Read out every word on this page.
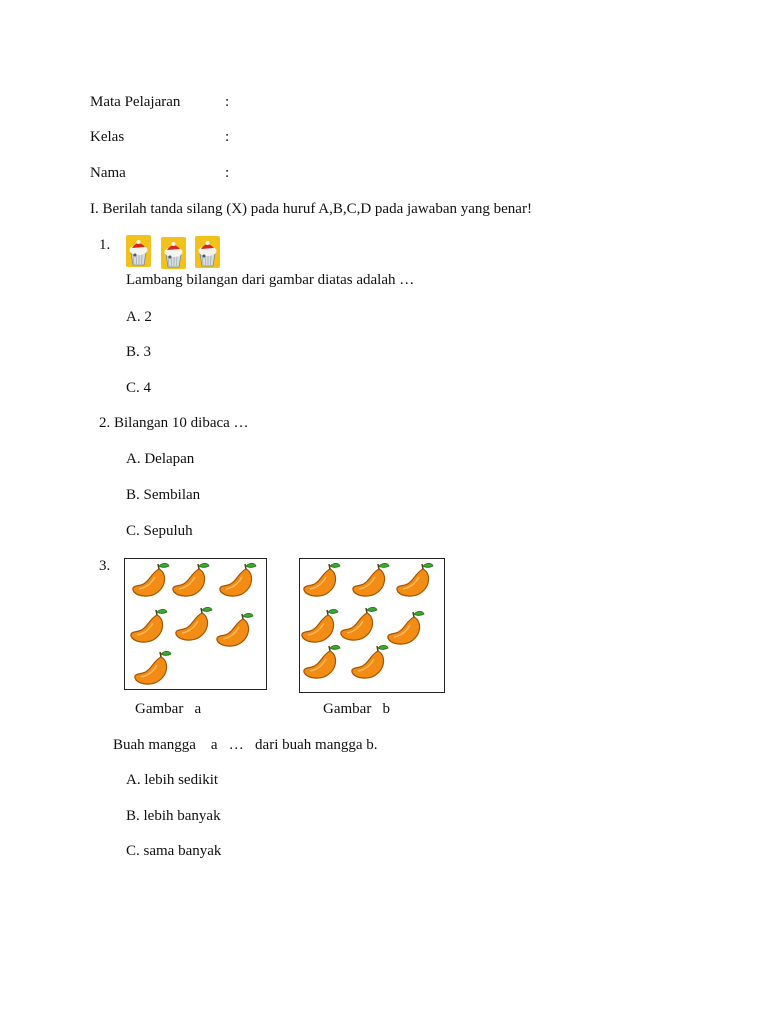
Mata Pelajaran	:
Kelas	:
Nama	:
I. Berilah tanda silang (X) pada huruf A,B,C,D pada jawaban yang benar!
1.
Lambang bilangan dari gambar diatas adalah …
A. 2
B. 3
C. 4
2. Bilangan 10 dibaca …
A. Delapan
B. Sembilan
C. Sepuluh
3.
Gambar   a	Gambar   b
Buah mangga    a   …   dari buah mangga b.
A. lebih sedikit
B. lebih banyak
C. sama banyak
